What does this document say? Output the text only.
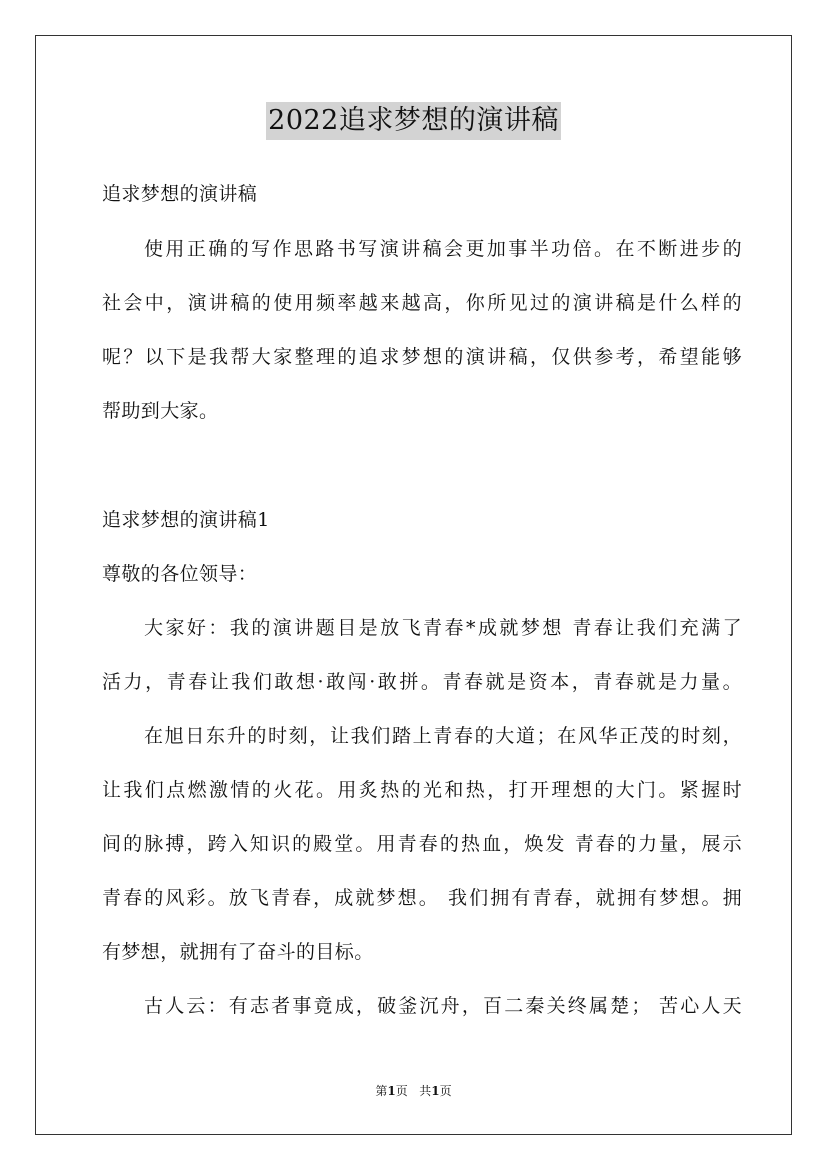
2022追求梦想的演讲稿
追求梦想的演讲稿
使用正确的写作思路书写演讲稿会更加事半功倍。在不断进步的
社会中，演讲稿的使用频率越来越高，你所见过的演讲稿是什么样的
呢？以下是我帮大家整理的追求梦想的演讲稿，仅供参考，希望能够
帮助到大家。
追求梦想的演讲稿1
尊敬的各位领导：
大家好：我的演讲题目是放飞青春*成就梦想 青春让我们充满了
活力，青春让我们敢想·敢闯·敢拼。青春就是资本，青春就是力量。
在旭日东升的时刻，让我们踏上青春的大道；在风华正茂的时刻，
让我们点燃激情的火花。用炙热的光和热，打开理想的大门。紧握时
间的脉搏，跨入知识的殿堂。用青春的热血，焕发 青春的力量，展示
青春的风彩。放飞青春，成就梦想。 我们拥有青春，就拥有梦想。拥
有梦想，就拥有了奋斗的目标。
古人云：有志者事竟成，破釜沉舟，百二秦关终属楚； 苦心人天
第1页 共1页
